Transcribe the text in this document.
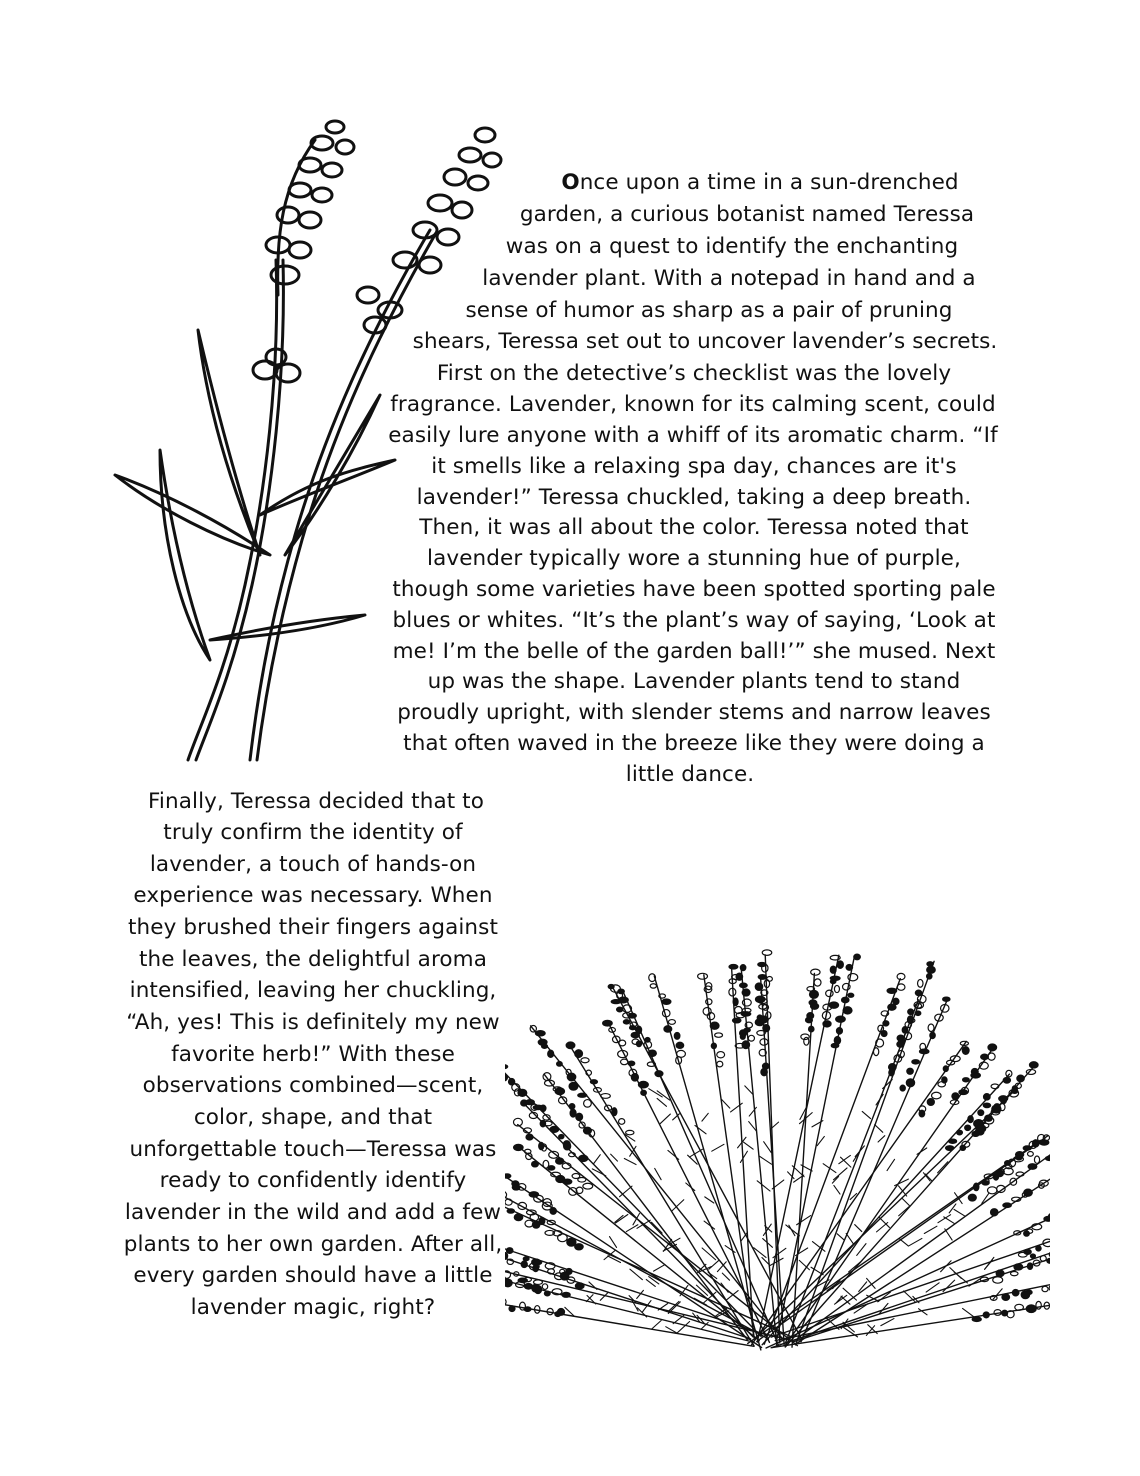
Once upon a time in a sun-drenched
garden, a curious botanist named Teressa
was on a quest to identify the enchanting
lavender plant. With a notepad in hand and a
sense of humor as sharp as a pair of pruning
shears, Teressa set out to uncover lavender’s secrets.
First on the detective’s checklist was the lovely
fragrance. Lavender, known for its calming scent, could
easily lure anyone with a whiff of its aromatic charm. “If
it smells like a relaxing spa day, chances are it's
lavender!” Teressa chuckled, taking a deep breath.
Then, it was all about the color. Teressa noted that
lavender typically wore a stunning hue of purple,
though some varieties have been spotted sporting pale
blues or whites. “It’s the plant’s way of saying, ‘Look at
me! I’m the belle of the garden ball!’” she mused. Next
up was the shape. Lavender plants tend to stand
proudly upright, with slender stems and narrow leaves
that often waved in the breeze like they were doing a
little dance.
Finally, Teressa decided that to
truly confirm the identity of
lavender, a touch of hands-on
experience was necessary. When
they brushed their fingers against
the leaves, the delightful aroma
intensified, leaving her chuckling,
“Ah, yes! This is definitely my new
favorite herb!” With these
observations combined—scent,
color, shape, and that
unforgettable touch—Teressa was
ready to confidently identify
lavender in the wild and add a few
plants to her own garden. After all,
every garden should have a little
lavender magic, right?
